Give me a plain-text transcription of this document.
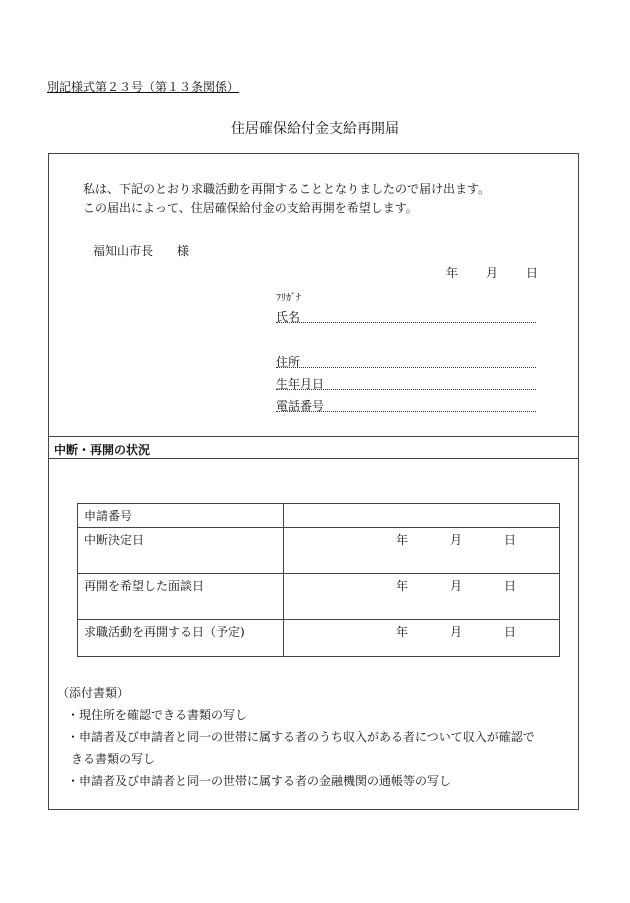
別記様式第２３号（第１３条関係）
住居確保給付金支給再開届
私は、下記のとおり求職活動を再開することとなりましたので届け出ます。
この届出によって、住居確保給付金の支給再開を希望します。
福知山市長　　様
年 月 日
ﾌﾘｶﾞﾅ
氏名
住所
生年月日
電話番号
中断・再開の状況
申請番号	
中断決定日	年 月 日

再開を希望した面談日	年 月 日

求職活動を再開する日（予定)	年 月 日
（添付書類）
・現住所を確認できる書類の写し
・申請者及び申請者と同一の世帯に属する者のうち収入がある者について収入が確認で
きる書類の写し
・申請者及び申請者と同一の世帯に属する者の金融機関の通帳等の写し
